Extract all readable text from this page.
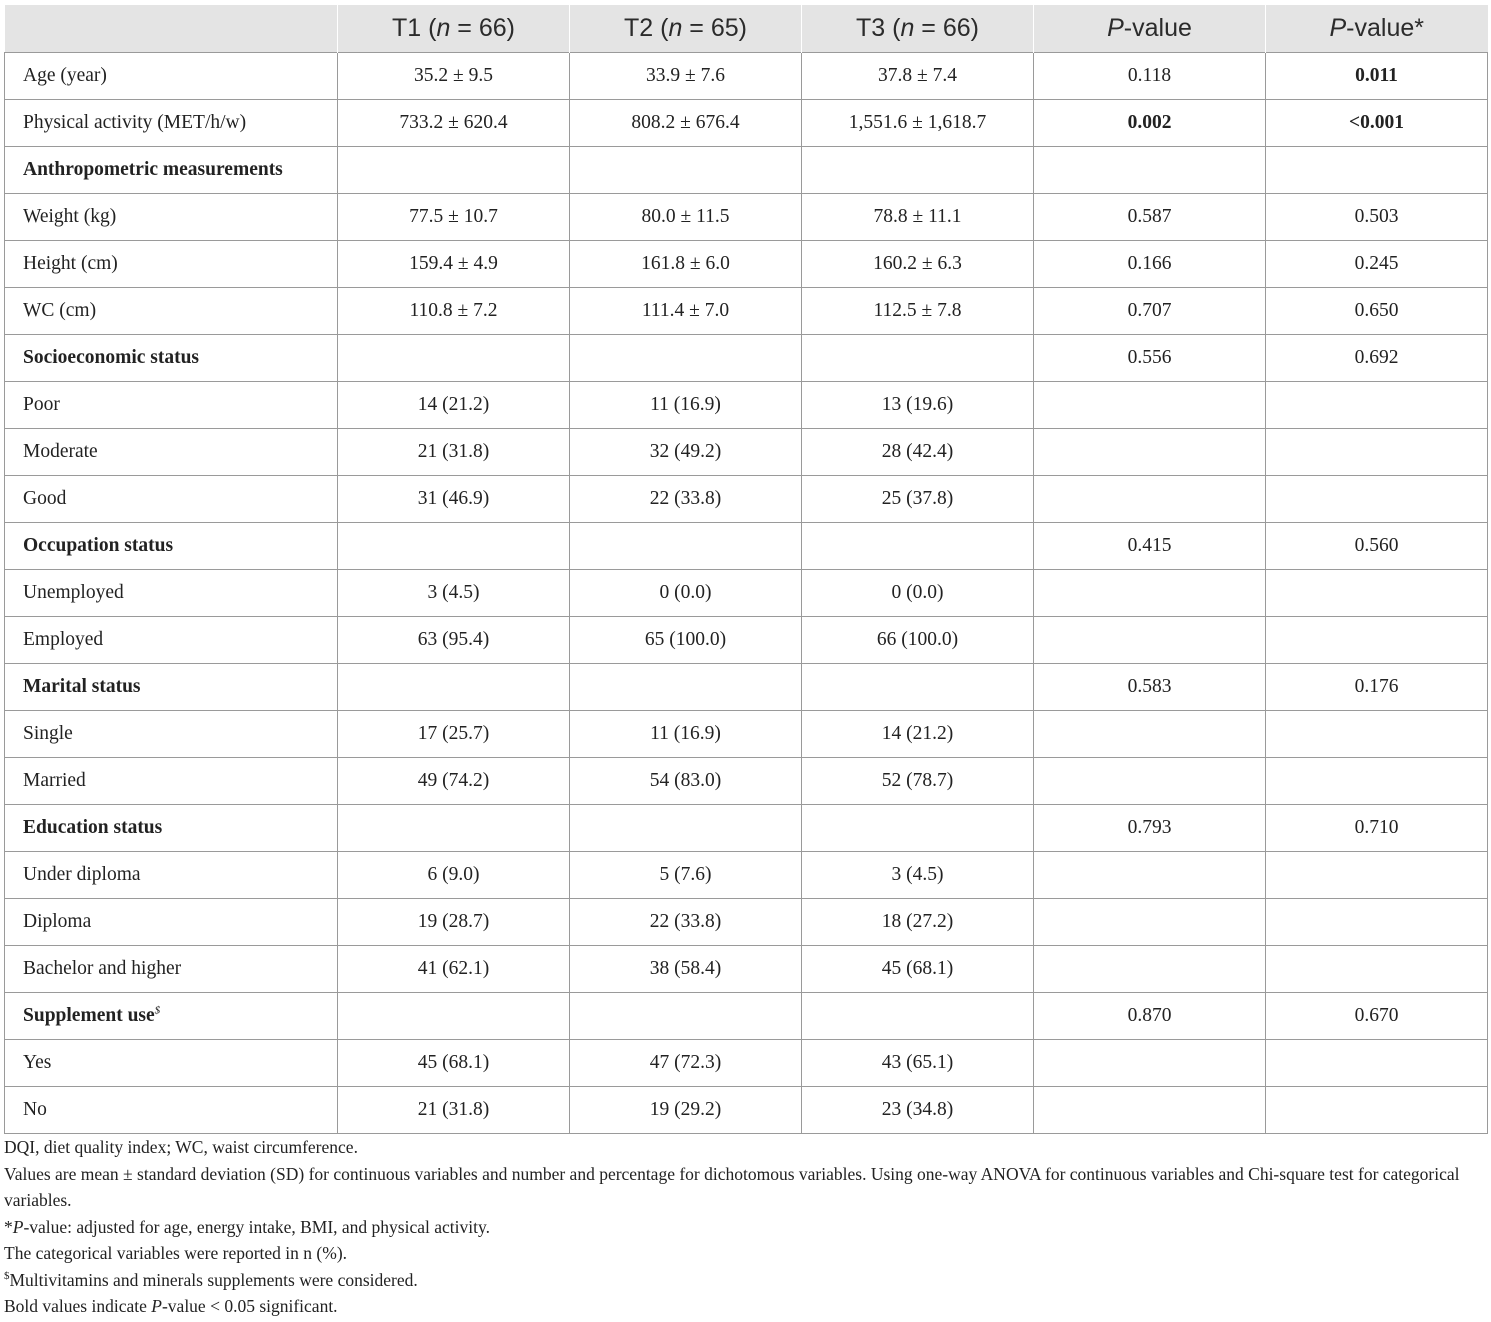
	T1 (n = 66)	T2 (n = 65)	T3 (n = 66)	P-value	P-value*
Age (year)	35.2 ± 9.5	33.9 ± 7.6	37.8 ± 7.4	0.118	0.011
Physical activity (MET/h/w)	733.2 ± 620.4	808.2 ± 676.4	1,551.6 ± 1,618.7	0.002	<0.001
Anthropometric measurements					
Weight (kg)	77.5 ± 10.7	80.0 ± 11.5	78.8 ± 11.1	0.587	0.503
Height (cm)	159.4 ± 4.9	161.8 ± 6.0	160.2 ± 6.3	0.166	0.245
WC (cm)	110.8 ± 7.2	111.4 ± 7.0	112.5 ± 7.8	0.707	0.650
Socioeconomic status				0.556	0.692
Poor	14 (21.2)	11 (16.9)	13 (19.6)		
Moderate	21 (31.8)	32 (49.2)	28 (42.4)		
Good	31 (46.9)	22 (33.8)	25 (37.8)		
Occupation status				0.415	0.560
Unemployed	3 (4.5)	0 (0.0)	0 (0.0)		
Employed	63 (95.4)	65 (100.0)	66 (100.0)		
Marital status				0.583	0.176
Single	17 (25.7)	11 (16.9)	14 (21.2)		
Married	49 (74.2)	54 (83.0)	52 (78.7)		
Education status				0.793	0.710
Under diploma	6 (9.0)	5 (7.6)	3 (4.5)		
Diploma	19 (28.7)	22 (33.8)	18 (27.2)		
Bachelor and higher	41 (62.1)	38 (58.4)	45 (68.1)		
Supplement use$				0.870	0.670
Yes	45 (68.1)	47 (72.3)	43 (65.1)		
No	21 (31.8)	19 (29.2)	23 (34.8)		

DQI, diet quality index; WC, waist circumference.

Values are mean ± standard deviation (SD) for continuous variables and number and percentage for dichotomous variables. Using one-way ANOVA for continuous variables and Chi-square test for categorical variables.

*P-value: adjusted for age, energy intake, BMI, and physical activity.

The categorical variables were reported in n (%).

$Multivitamins and minerals supplements were considered.

Bold values indicate P-value < 0.05 significant.
